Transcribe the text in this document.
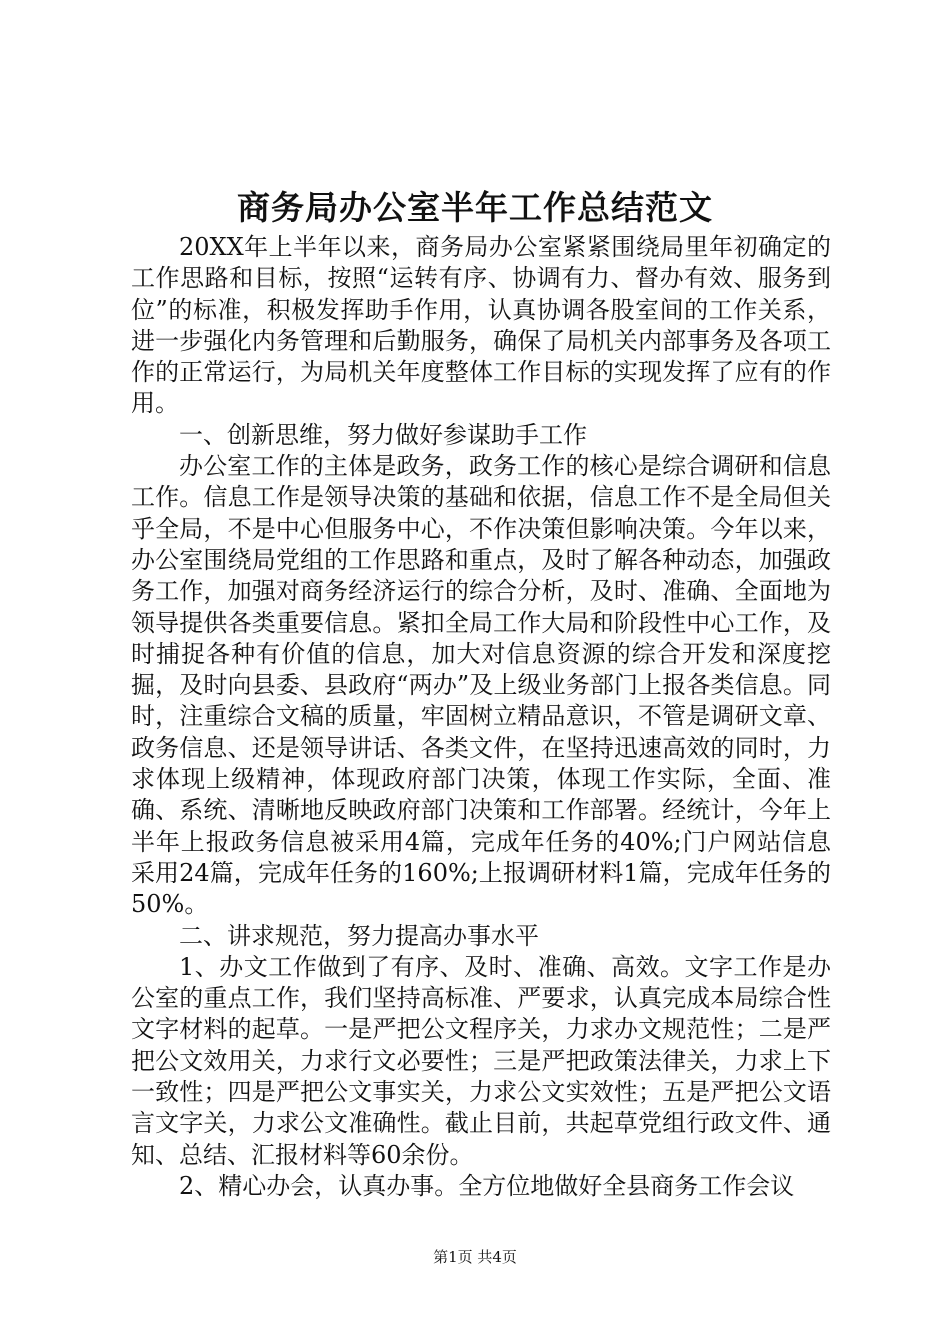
商务局办公室半年工作总结范文

20XX年上半年以来，商务局办公室紧紧围绕局里年初确定的工作思路和目标，按照“运转有序、协调有力、督办有效、服务到位”的标准，积极发挥助手作用，认真协调各股室间的工作关系，进一步强化内务管理和后勤服务，确保了局机关内部事务及各项工作的正常运行，为局机关年度整体工作目标的实现发挥了应有的作用。

一、创新思维，努力做好参谋助手工作

办公室工作的主体是政务，政务工作的核心是综合调研和信息工作。信息工作是领导决策的基础和依据，信息工作不是全局但关乎全局，不是中心但服务中心，不作决策但影响决策。今年以来，办公室围绕局党组的工作思路和重点，及时了解各种动态，加强政务工作，加强对商务经济运行的综合分析，及时、准确、全面地为领导提供各类重要信息。紧扣全局工作大局和阶段性中心工作，及时捕捉各种有价值的信息，加大对信息资源的综合开发和深度挖掘，及时向县委、县政府“两办”及上级业务部门上报各类信息。同时，注重综合文稿的质量，牢固树立精品意识，不管是调研文章、政务信息、还是领导讲话、各类文件，在坚持迅速高效的同时，力求体现上级精神，体现政府部门决策，体现工作实际，全面、准确、系统、清晰地反映政府部门决策和工作部署。经统计，今年上半年上报政务信息被采用4篇，完成年任务的40%;门户网站信息采用24篇，完成年任务的160%;上报调研材料1篇，完成年任务的50%。

二、讲求规范，努力提高办事水平

1、办文工作做到了有序、及时、准确、高效。文字工作是办公室的重点工作，我们坚持高标准、严要求，认真完成本局综合性文字材料的起草。一是严把公文程序关，力求办文规范性；二是严把公文效用关，力求行文必要性；三是严把政策法律关，力求上下一致性；四是严把公文事实关，力求公文实效性；五是严把公文语言文字关，力求公文准确性。截止目前，共起草党组行政文件、通知、总结、汇报材料等60余份。

2、精心办会，认真办事。全方位地做好全县商务工作会议

第1页 共4页
